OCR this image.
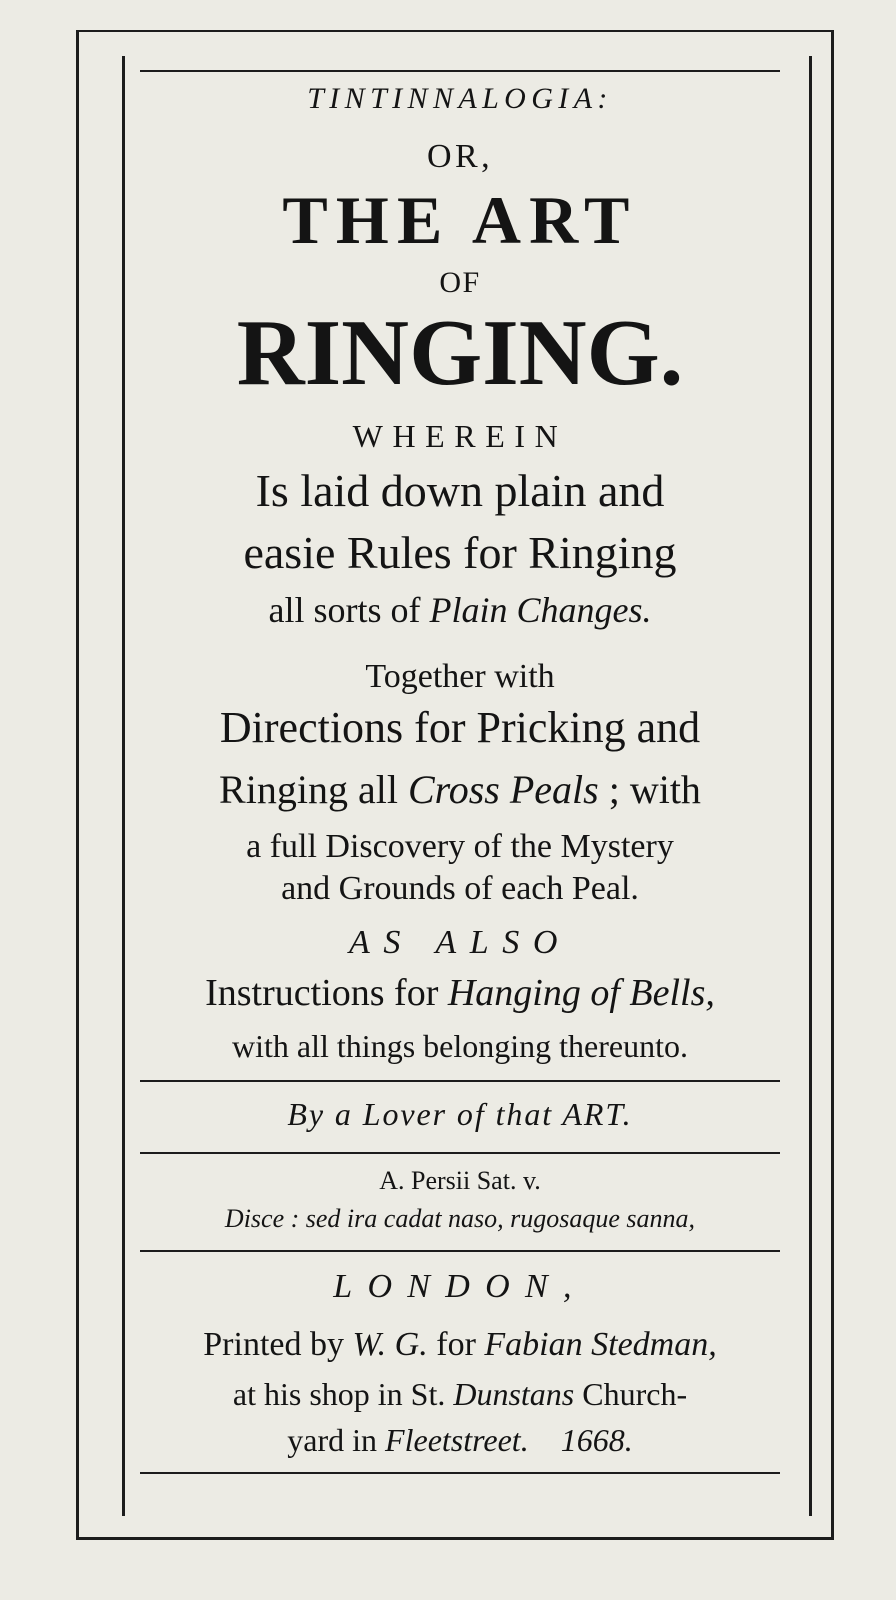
TINTINNALOGIA:
OR,
THE ART
OF
RINGING.
WHEREIN
Is laid down plain and
easie Rules for Ringing
all sorts of Plain Changes.
Together with
Directions for Pricking and
Ringing all Cross Peals ; with
a full Discovery of the Mystery
and Grounds of each Peal.
AS ALSO
Instructions for Hanging of Bells,
with all things belonging thereunto.
By a Lover of that ART.
A. Persii Sat. v.
Disce : sed ira cadat naso, rugosaque sanna,
LONDON,
Printed by W. G. for Fabian Stedman,
at his shop in St. Dunstans Church-
yard in Fleetstreet. 1668.
